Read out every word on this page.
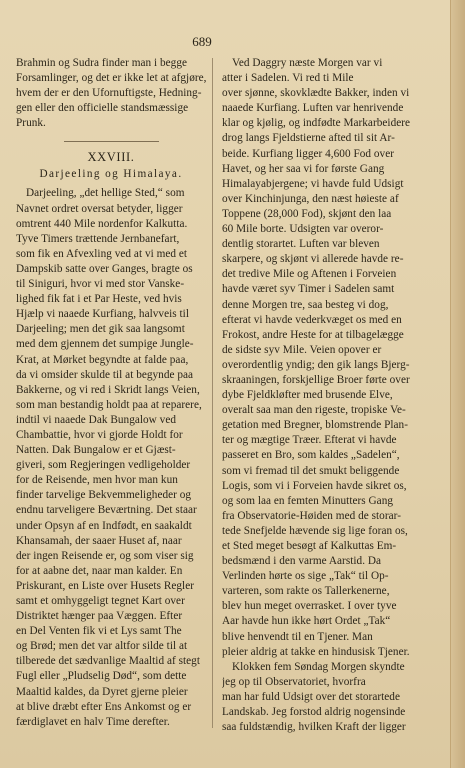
689
Brahmin og Sudra finder man i begge
Forsamlinger, og det er ikke let at afgjøre,
hvem der er den Ufornuftigste, Hedning-
gen eller den officielle standsmæssige
Prunk.
XXVIII.
Darjeeling og Himalaya.
Darjeeling, „det hellige Sted,“ som
Navnet ordret oversat betyder, ligger
omtrent 440 Mile nordenfor Kalkutta.
Tyve Timers trættende Jernbanefart,
som fik en Afvexling ved at vi med et
Dampskib satte over Ganges, bragte os
til Siniguri, hvor vi med stor Vanske-
lighed fik fat i et Par Heste, ved hvis
Hjælp vi naaede Kurfiang, halvveis til
Darjeeling; men det gik saa langsomt
med dem gjennem det sumpige Jungle-
Krat, at Mørket begyndte at falde paa,
da vi omsider skulde til at begynde paa
Bakkerne, og vi red i Skridt langs Veien,
som man bestandig holdt paa at reparere,
indtil vi naaede Dak Bungalow ved
Chambattie, hvor vi gjorde Holdt for
Natten. Dak Bungalow er et Gjæst-
giveri, som Regjeringen vedligeholder
for de Reisende, men hvor man kun
finder tarvelige Bekvemmeligheder og
endnu tarveligere Beværtning. Det staar
under Opsyn af en Indfødt, en saakaldt
Khansamah, der saaer Huset af, naar
der ingen Reisende er, og som viser sig
for at aabne det, naar man kalder. En
Priskurant, en Liste over Husets Regler
samt et omhyggeligt tegnet Kart over
Distriktet hænger paa Væggen. Efter
en Del Venten fik vi et Lys samt The
og Brød; men det var altfor silde til at
tilberede det sædvanlige Maaltid af stegt
Fugl eller „Pludselig Død“, som dette
Maaltid kaldes, da Dyret gjerne pleier
at blive dræbt efter Ens Ankomst og er
færdiglavet en halv Time derefter.
Ved Daggry næste Morgen var vi
atter i Sadelen. Vi red ti Mile
over sjønne, skovklædte Bakker, inden vi
naaede Kurfiang. Luften var henrivende
klar og kjølig, og indfødte Markarbeidere
drog langs Fjeldstierne afted til sit Ar-
beide. Kurfiang ligger 4,600 Fod over
Havet, og her saa vi for første Gang
Himalayabjergene; vi havde fuld Udsigt
over Kinchinjunga, den næst høieste af
Toppene (28,000 Fod), skjønt den laa
60 Mile borte. Udsigten var overor-
dentlig storartet. Luften var bleven
skarpere, og skjønt vi allerede havde re-
det tredive Mile og Aftenen i Forveien
havde været syv Timer i Sadelen samt
denne Morgen tre, saa besteg vi dog,
efterat vi havde vederkvæget os med en
Frokost, andre Heste for at tilbagelægge
de sidste syv Mile. Veien opover er
overordentlig yndig; den gik langs Bjerg-
skraaningen, forskjellige Broer førte over
dybe Fjeldkløfter med brusende Elve,
overalt saa man den rigeste, tropiske Ve-
getation med Bregner, blomstrende Plan-
ter og mægtige Træer. Efterat vi havde
passeret en Bro, som kaldes „Sadelen“,
som vi fremad til det smukt beliggende
Logis, som vi i Forveien havde sikret os,
og som laa en femten Minutters Gang
fra Observatorie-Høiden med de storar-
tede Snefjelde hævende sig lige foran os,
et Sted meget besøgt af Kalkuttas Em-
bedsmænd i den varme Aarstid. Da
Verlinden hørte os sige „Tak“ til Op-
varteren, som rakte os Tallerkenerne,
blev hun meget overrasket. I over tyve
Aar havde hun ikke hørt Ordet „Tak“
blive henvendt til en Tjener. Man
pleier aldrig at takke en hindusisk Tjener.
Klokken fem Søndag Morgen skyndte
jeg op til Observatoriet, hvorfra
man har fuld Udsigt over det storartede
Landskab. Jeg forstod aldrig nogensinde
saa fuldstændig, hvilken Kraft der ligger
